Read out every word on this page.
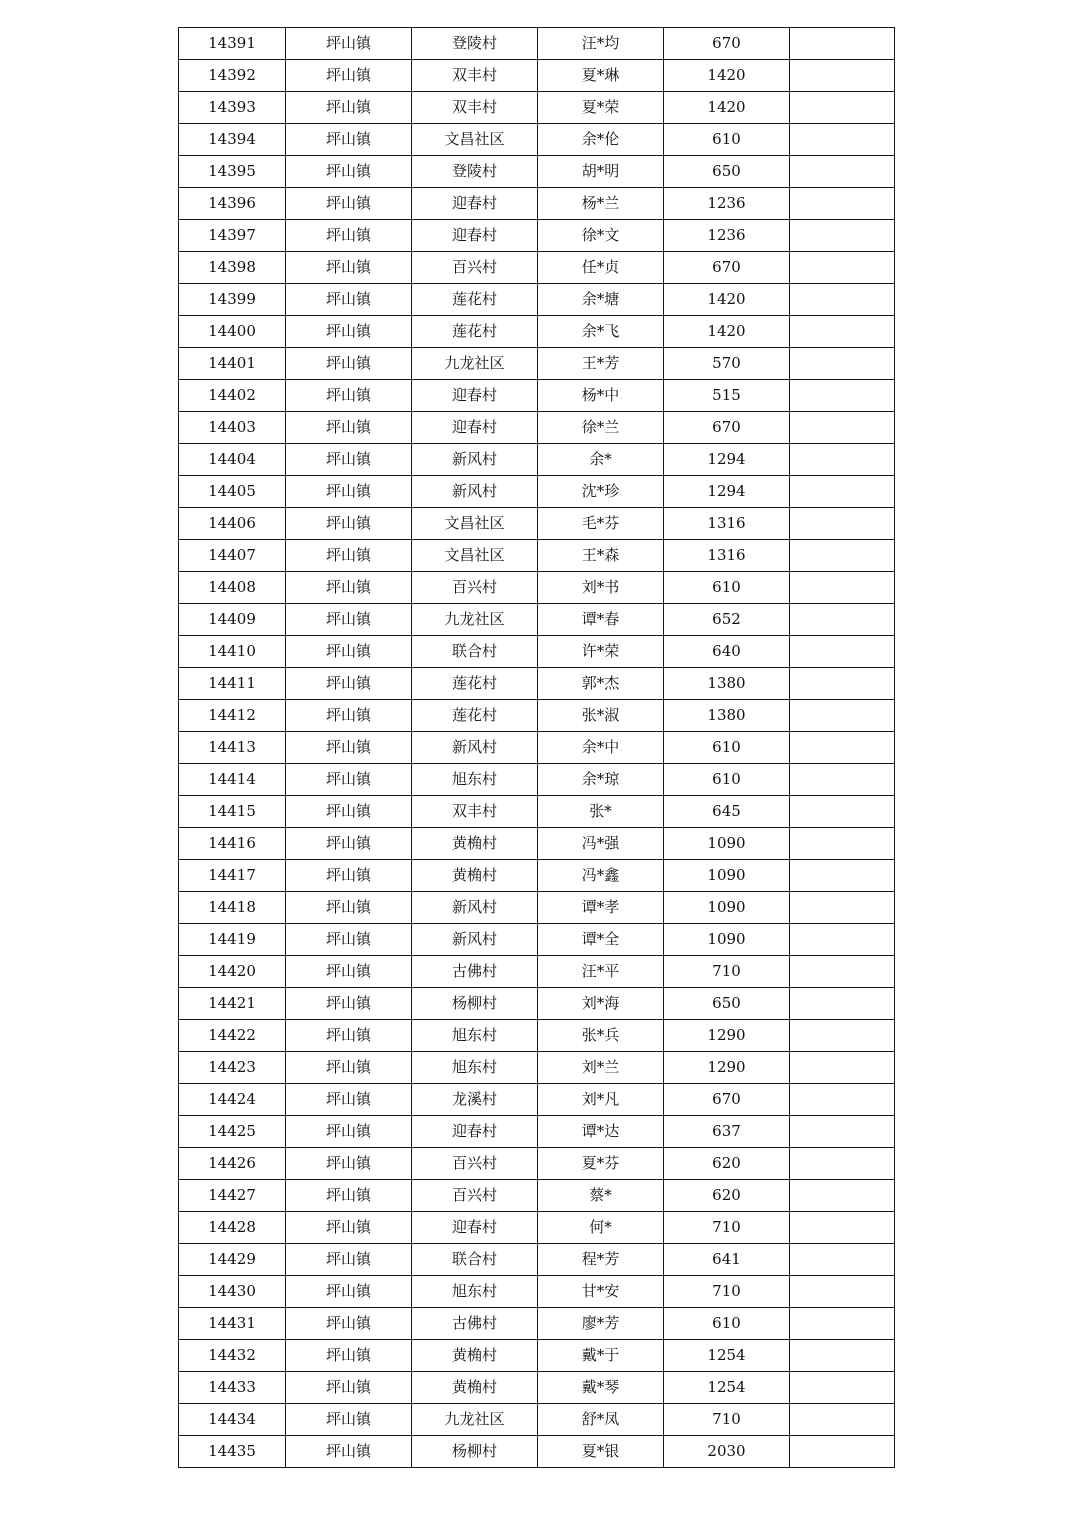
14391	坪山镇	登陵村	汪*均	670	
14392	坪山镇	双丰村	夏*琳	1420	
14393	坪山镇	双丰村	夏*荣	1420	
14394	坪山镇	文昌社区	余*伦	610	
14395	坪山镇	登陵村	胡*明	650	
14396	坪山镇	迎春村	杨*兰	1236	
14397	坪山镇	迎春村	徐*文	1236	
14398	坪山镇	百兴村	任*贞	670	
14399	坪山镇	莲花村	余*塘	1420	
14400	坪山镇	莲花村	余*飞	1420	
14401	坪山镇	九龙社区	王*芳	570	
14402	坪山镇	迎春村	杨*中	515	
14403	坪山镇	迎春村	徐*兰	670	
14404	坪山镇	新风村	余*	1294	
14405	坪山镇	新风村	沈*珍	1294	
14406	坪山镇	文昌社区	毛*芬	1316	
14407	坪山镇	文昌社区	王*森	1316	
14408	坪山镇	百兴村	刘*书	610	
14409	坪山镇	九龙社区	谭*春	652	
14410	坪山镇	联合村	许*荣	640	
14411	坪山镇	莲花村	郭*杰	1380	
14412	坪山镇	莲花村	张*淑	1380	
14413	坪山镇	新风村	余*中	610	
14414	坪山镇	旭东村	余*琼	610	
14415	坪山镇	双丰村	张*	645	
14416	坪山镇	黄桷村	冯*强	1090	
14417	坪山镇	黄桷村	冯*鑫	1090	
14418	坪山镇	新风村	谭*孝	1090	
14419	坪山镇	新风村	谭*全	1090	
14420	坪山镇	古佛村	汪*平	710	
14421	坪山镇	杨柳村	刘*海	650	
14422	坪山镇	旭东村	张*兵	1290	
14423	坪山镇	旭东村	刘*兰	1290	
14424	坪山镇	龙溪村	刘*凡	670	
14425	坪山镇	迎春村	谭*达	637	
14426	坪山镇	百兴村	夏*芬	620	
14427	坪山镇	百兴村	蔡*	620	
14428	坪山镇	迎春村	何*	710	
14429	坪山镇	联合村	程*芳	641	
14430	坪山镇	旭东村	甘*安	710	
14431	坪山镇	古佛村	廖*芳	610	
14432	坪山镇	黄桷村	戴*于	1254	
14433	坪山镇	黄桷村	戴*琴	1254	
14434	坪山镇	九龙社区	舒*凤	710	
14435	坪山镇	杨柳村	夏*银	2030	
